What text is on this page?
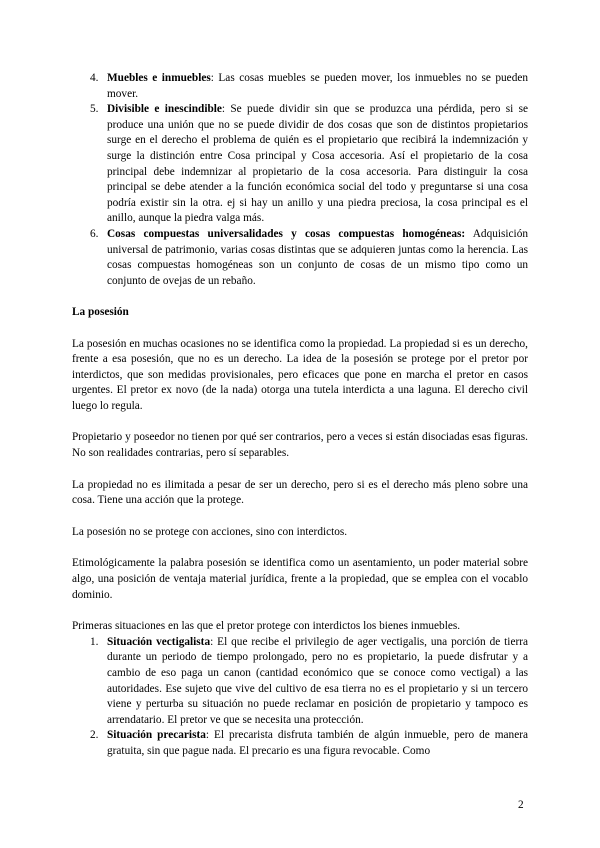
4. Muebles e inmuebles: Las cosas muebles se pueden mover, los inmuebles no se pueden mover.
5. Divisible e inescindible: Se puede dividir sin que se produzca una pérdida, pero si se produce una unión que no se puede dividir de dos cosas que son de distintos propietarios surge en el derecho el problema de quién es el propietario que recibirá la indemnización y surge la distinción entre Cosa principal y Cosa accesoria. Así el propietario de la cosa principal debe indemnizar al propietario de la cosa accesoria. Para distinguir la cosa principal se debe atender a la función económica social del todo y preguntarse si una cosa podría existir sin la otra. ej si hay un anillo y una piedra preciosa, la cosa principal es el anillo, aunque la piedra valga más.
6. Cosas compuestas universalidades y cosas compuestas homogéneas: Adquisición universal de patrimonio, varias cosas distintas que se adquieren juntas como la herencia. Las cosas compuestas homogéneas son un conjunto de cosas de un mismo tipo como un conjunto de ovejas de un rebaño.
La posesión

La posesión en muchas ocasiones no se identifica como la propiedad. La propiedad si es un derecho, frente a esa posesión, que no es un derecho. La idea de la posesión se protege por el pretor por interdictos, que son medidas provisionales, pero eficaces que pone en marcha el pretor en casos urgentes. El pretor ex novo (de la nada) otorga una tutela interdicta a una laguna. El derecho civil luego lo regula.

Propietario y poseedor no tienen por qué ser contrarios, pero a veces si están disociadas esas figuras. No son realidades contrarias, pero sí separables.

La propiedad no es ilimitada a pesar de ser un derecho, pero si es el derecho más pleno sobre una cosa. Tiene una acción que la protege.

La posesión no se protege con acciones, sino con interdictos.

Etimológicamente la palabra posesión se identifica como un asentamiento, un poder material sobre algo, una posición de ventaja material jurídica, frente a la propiedad, que se emplea con el vocablo dominio.

Primeras situaciones en las que el pretor protege con interdictos los bienes inmuebles.

1. Situación vectigalista: El que recibe el privilegio de ager vectigalis, una porción de tierra durante un periodo de tiempo prolongado, pero no es propietario, la puede disfrutar y a cambio de eso paga un canon (cantidad económico que se conoce como vectigal) a las autoridades. Ese sujeto que vive del cultivo de esa tierra no es el propietario y si un tercero viene y perturba su situación no puede reclamar en posición de propietario y tampoco es arrendatario. El pretor ve que se necesita una protección.
2. Situación precarista: El precarista disfruta también de algún inmueble, pero de manera gratuita, sin que pague nada. El precario es una figura revocable. Como
2
